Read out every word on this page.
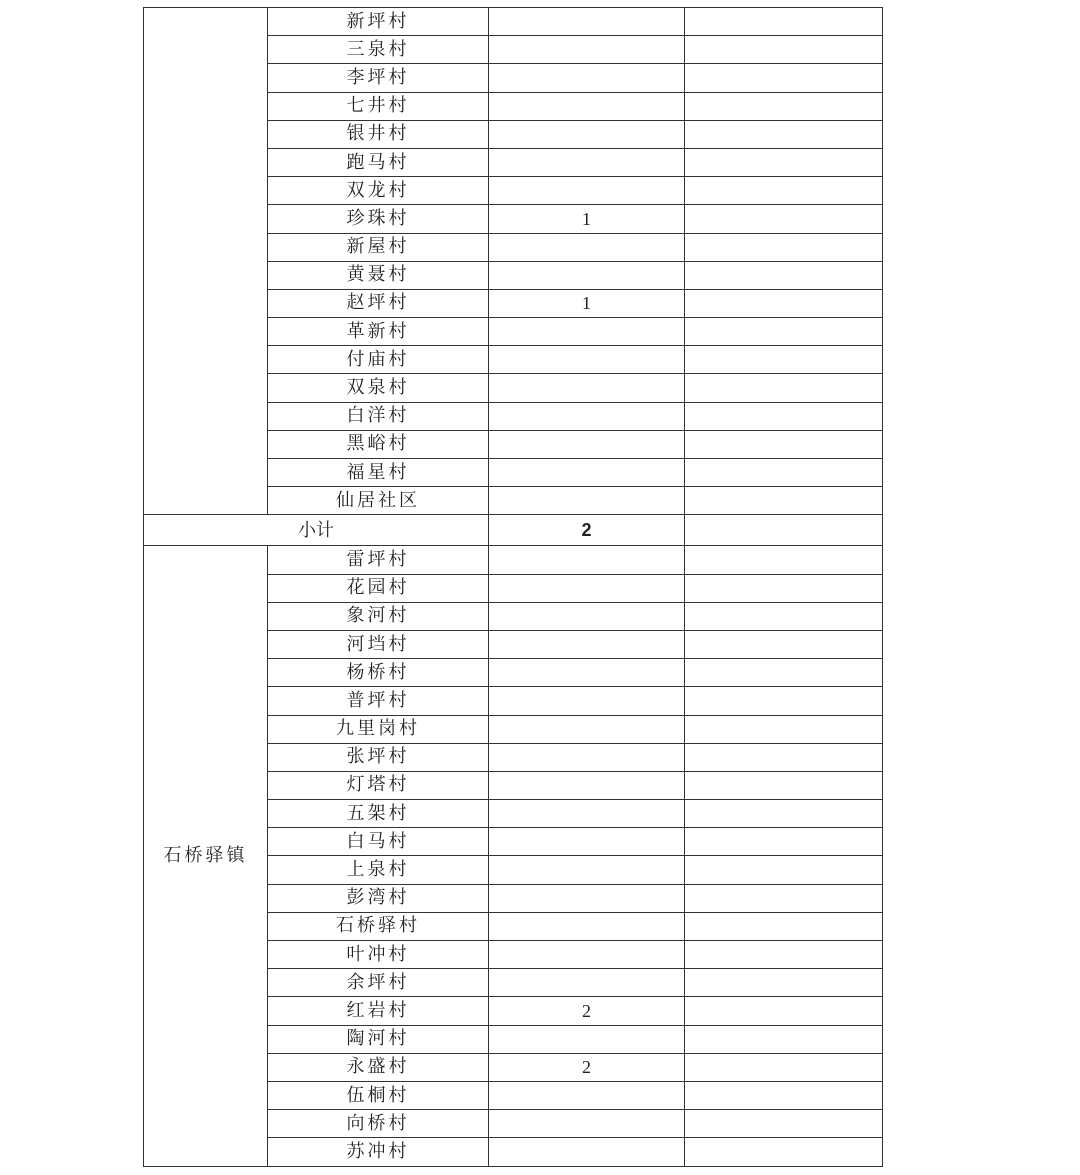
	新坪村		
	三泉村		
	李坪村		
	七井村		
	银井村		
	跑马村		
	双龙村		
	珍珠村	1	
	新屋村		
	黄聂村		
	赵坪村	1	
	革新村		
	付庙村		
	双泉村		
	白洋村		
	黑峪村		
	福星村		
	仙居社区		
小计		2	
石桥驿镇	雷坪村		
	花园村		
	象河村		
	河垱村		
	杨桥村		
	普坪村		
	九里岗村		
	张坪村		
	灯塔村		
	五架村		
	白马村		
	上泉村		
	彭湾村		
	石桥驿村		
	叶冲村		
	余坪村		
	红岩村	2	
	陶河村		
	永盛村	2	
	伍桐村		
	向桥村		
	苏冲村		
